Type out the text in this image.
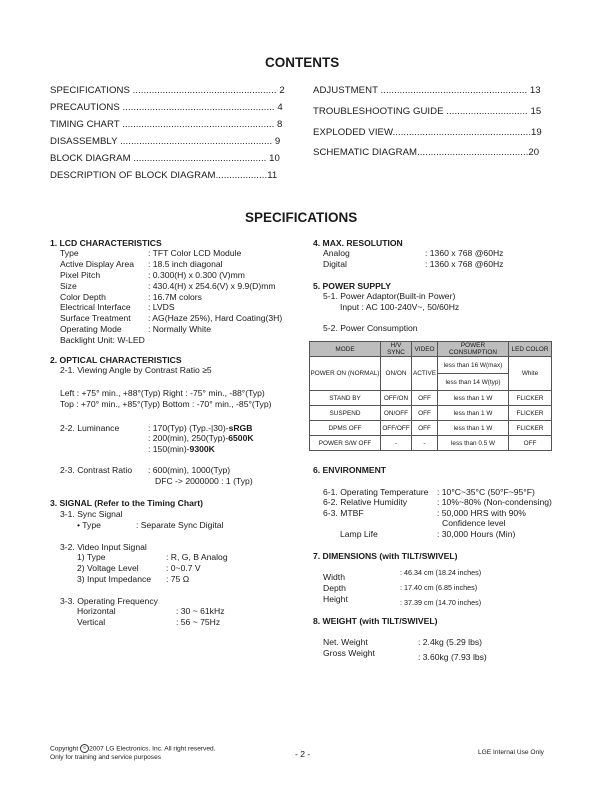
CONTENTS
SPECIFICATIONS ..................................................... 2
PRECAUTIONS ........................................................ 4
TIMING CHART ........................................................ 8
DISASSEMBLY ........................................................ 9
BLOCK DIAGRAM ................................................. 10
DESCRIPTION OF BLOCK DIAGRAM...................11
ADJUSTMENT ...................................................... 13
TROUBLESHOOTING GUIDE .............................. 15
EXPLODED VIEW...................................................19
SCHEMATIC DIAGRAM.........................................20
SPECIFICATIONS
1. LCD CHARACTERISTICS
Type	: TFT Color LCD Module
Active Display Area : 18.5 inch diagonal
Pixel Pitch	: 0.300(H) x 0.300 (V)mm
Size	: 430.4(H) x 254.6(V) x 9.9(D)mm
Color Depth	: 16.7M colors
Electrical Interface : LVDS
Surface Treatment : AG(Haze 25%), Hard Coating(3H)
Operating Mode	: Normally White
Backlight Unit: W-LED
2. OPTICAL CHARACTERISTICS
2-1. Viewing Angle by Contrast Ratio ≥5
Left : +75° min., +88°(Typ) Right : -75° min., -88°(Typ)
Top : +70° min., +85°(Typ) Bottom : -70° min., -85°(Typ)
2-2. Luminance	: 170(Typ) (Typ.-|30)-sRGB
: 200(min), 250(Typ)-6500K
: 150(min)-9300K
2-3. Contrast Ratio : 600(min), 1000(Typ)
DFC -> 2000000 : 1 (Typ)
3. SIGNAL (Refer to the Timing Chart)
3-1. Sync Signal
• Type	: Separate Sync Digital
3-2. Video Input Signal
1) Type	: R, G, B Analog
2) Voltage Level	: 0~0.7 V
3) Input Impedance : 75 Ω
3-3. Operating Frequency
Horizontal	: 30 ~ 61kHz
Vertical	: 56 ~ 75Hz
4. MAX. RESOLUTION
Analog	: 1360 x 768 @60Hz
Digital	: 1360 x 768 @60Hz
5. POWER SUPPLY
5-1. Power Adaptor(Built-in Power)
Input : AC 100-240V~, 50/60Hz
5-2. Power Consumption
MODE	H/V SYNC	VIDEO	POWER CONSUMPTION	LED COLOR
POWER ON (NORMAL)	ON/ON	ACTIVE	less than 16 W(max)	White
			less than 14 W(typ)	
STAND BY	OFF/ON	OFF	less than 1 W	FLICKER
SUSPEND	ON/OFF	OFF	less than 1 W	FLICKER
DPMS OFF	OFF/OFF	OFF	less than 1 W	FLICKER
POWER S/W OFF	-	-	less than 0.5 W	OFF
6. ENVIRONMENT
6-1. Operating Temperature : 10°C~35°C (50°F~95°F)
6-2. Relative Humidity	: 10%~80% (Non-condensing)
6-3. MTBF	: 50,000 HRS with 90%
Confidence level
Lamp Life	: 30,000 Hours (Min)
7. DIMENSIONS (with TILT/SWIVEL)
Width	: 46.34 cm (18.24 inches)
Depth	: 17.40 cm (6.85 inches)
Height	: 37.39 cm (14.70 inches)
8. WEIGHT (with TILT/SWIVEL)
Net. Weight	: 2.4kg (5.29 lbs)
Gross Weight	: 3.60kg (7.93 lbs)
Copyright c 2007 LG Electronics. Inc. All right reserved.
Only for training and service purposes	- 2 -	LGE Internal Use Only
